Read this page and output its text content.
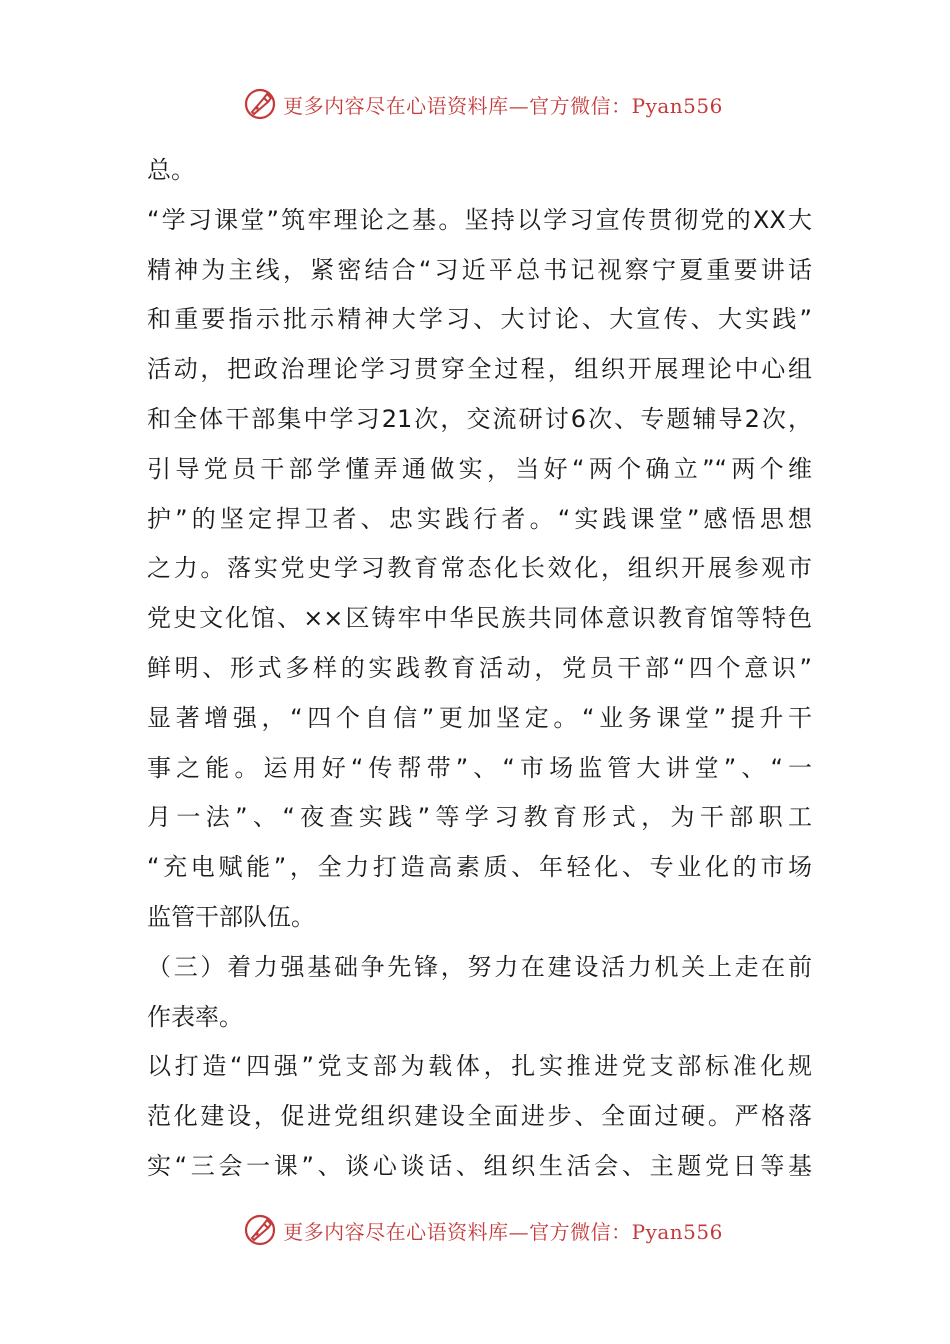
更多内容尽在心语资料库—官方微信：Pyan556
总。
“学习课堂”筑牢理论之基。坚持以学习宣传贯彻党的XX大
精神为主线，紧密结合“习近平总书记视察宁夏重要讲话
和重要指示批示精神大学习、大讨论、大宣传、大实践”
活动，把政治理论学习贯穿全过程，组织开展理论中心组
和全体干部集中学习21次，交流研讨6次、专题辅导2次，
引导党员干部学懂弄通做实，当好“两个确立”“两个维
护”的坚定捍卫者、忠实践行者。“实践课堂”感悟思想
之力。落实党史学习教育常态化长效化，组织开展参观市
党史文化馆、××区铸牢中华民族共同体意识教育馆等特色
鲜明、形式多样的实践教育活动，党员干部“四个意识”
显著增强，“四个自信”更加坚定。“业务课堂”提升干
事之能。运用好“传帮带”、“市场监管大讲堂”、“一
月一法”、“夜查实践”等学习教育形式，为干部职工
“充电赋能”，全力打造高素质、年轻化、专业化的市场
监管干部队伍。
（三）着力强基础争先锋，努力在建设活力机关上走在前
作表率。
以打造“四强”党支部为载体，扎实推进党支部标准化规
范化建设，促进党组织建设全面进步、全面过硬。严格落
实“三会一课”、谈心谈话、组织生活会、主题党日等基
更多内容尽在心语资料库—官方微信：Pyan556
